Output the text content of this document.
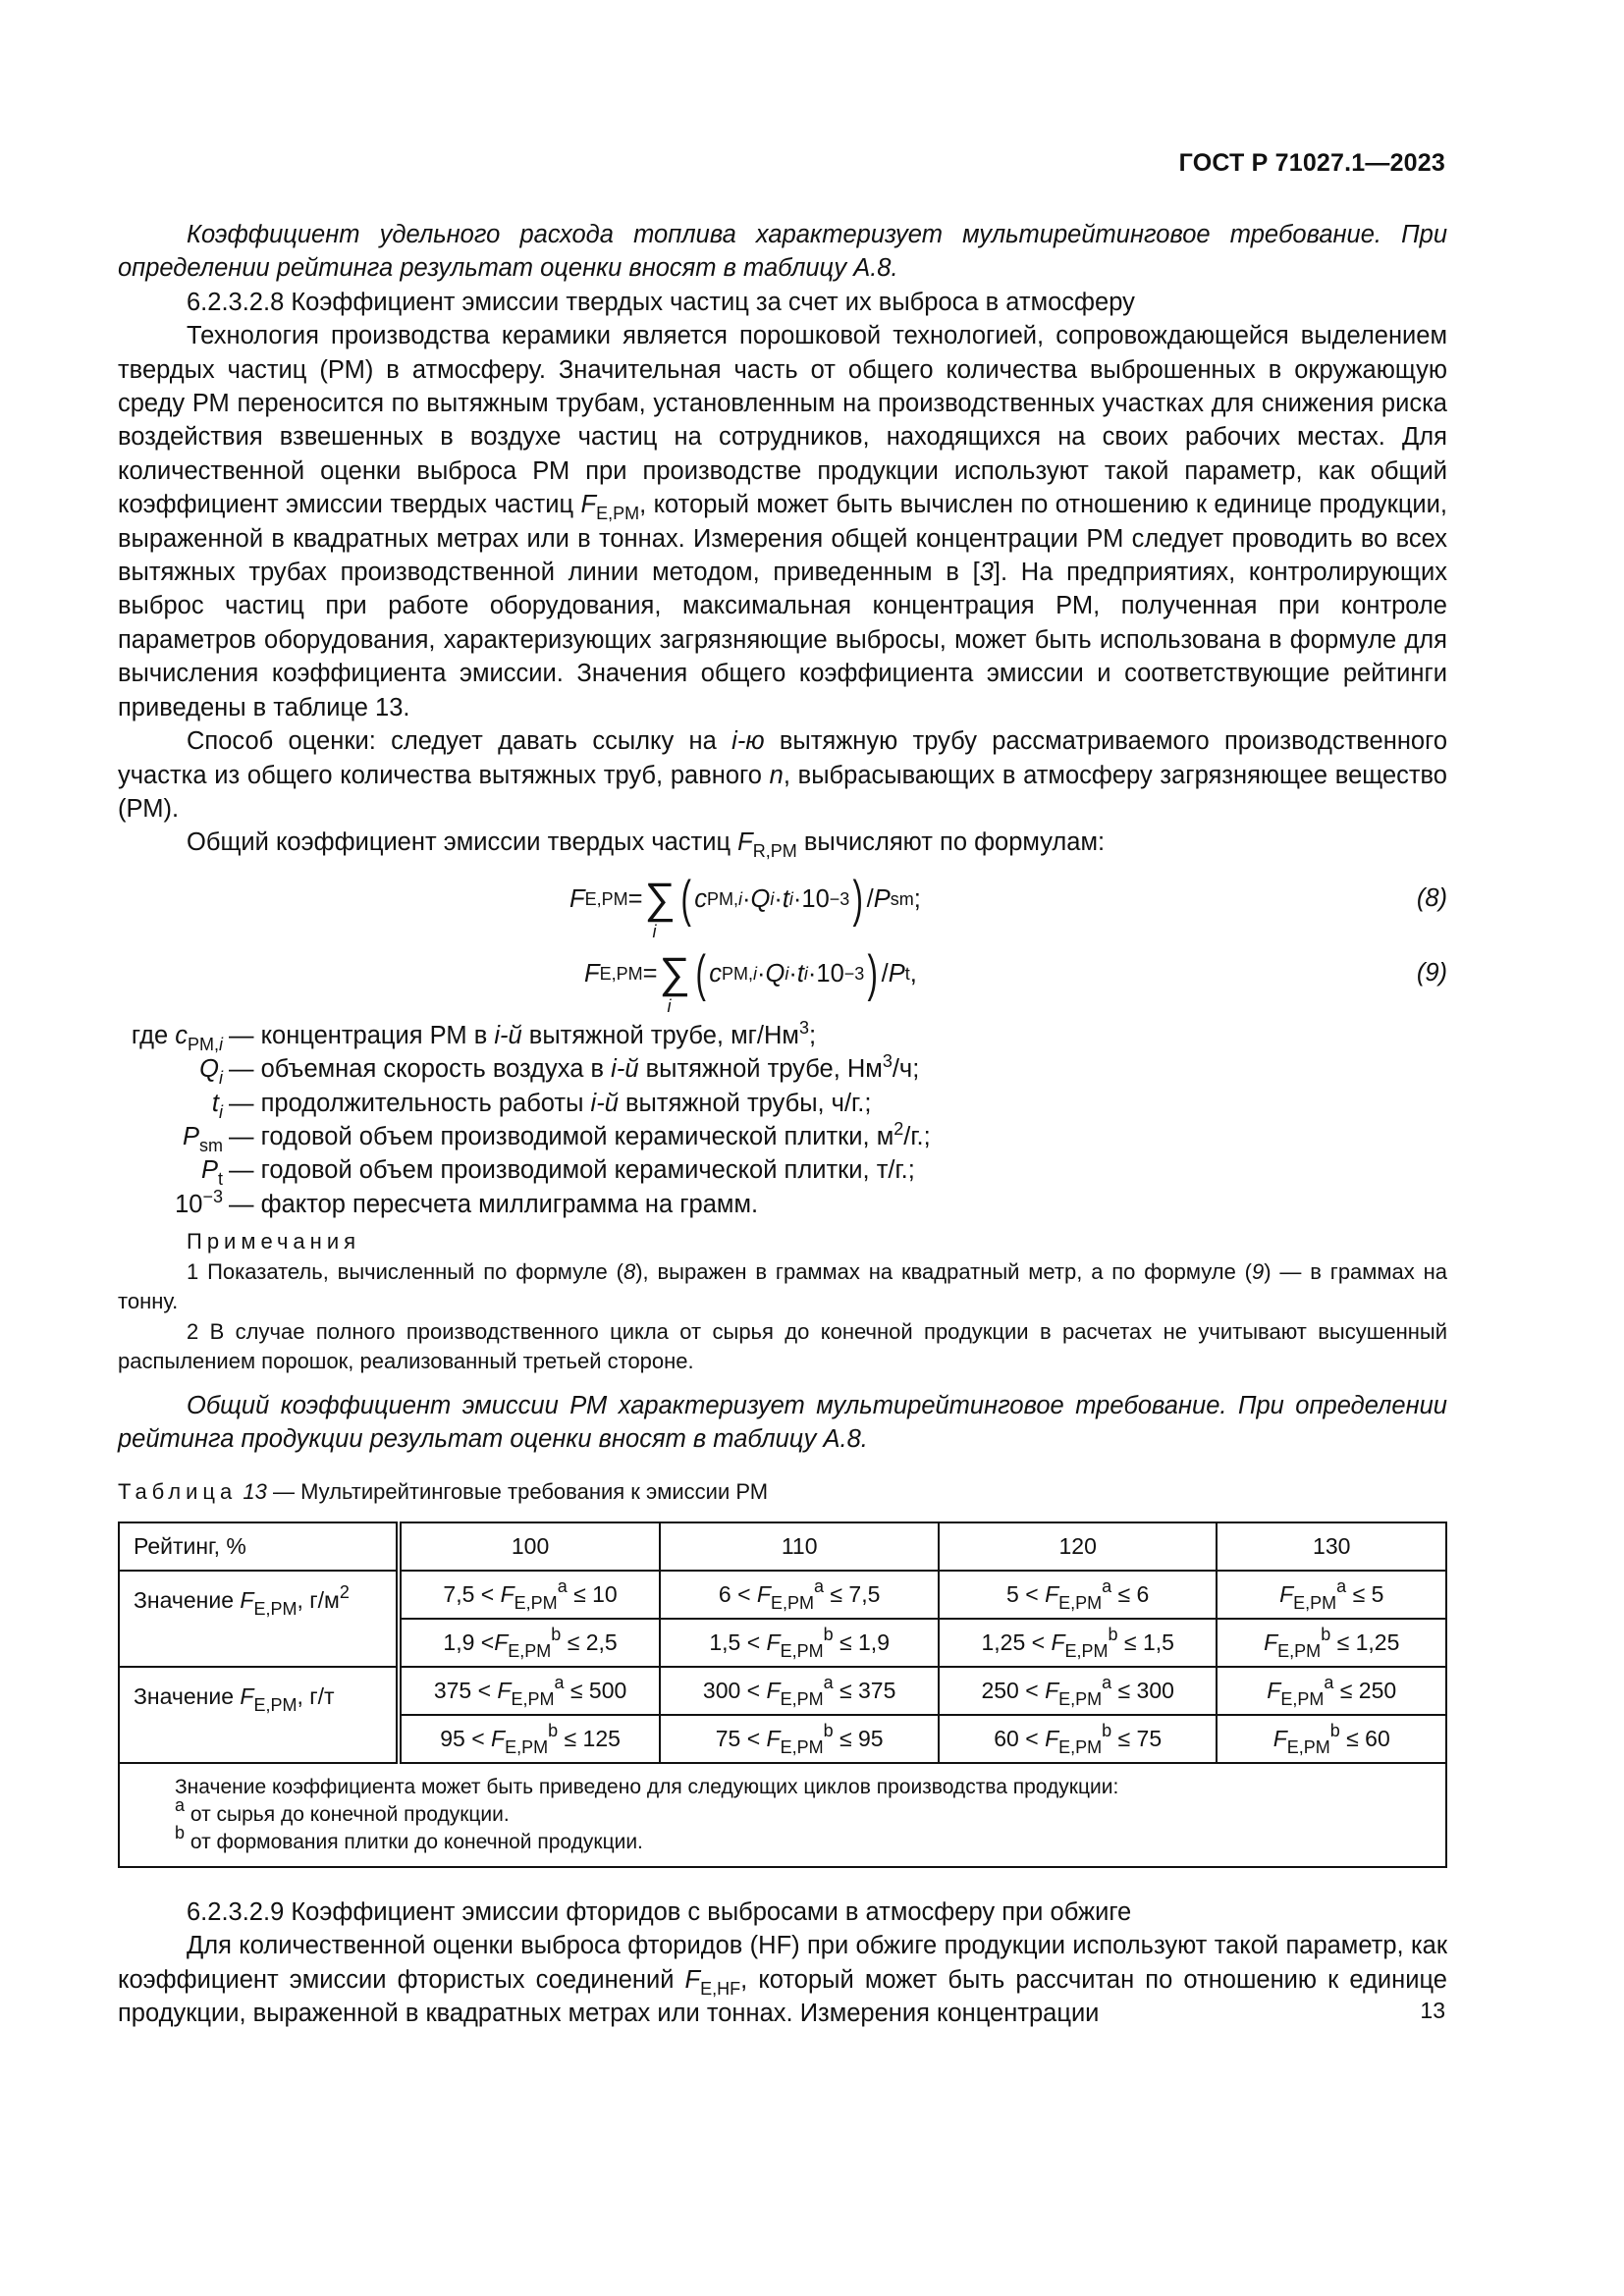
ГОСТ Р 71027.1—2023

Коэффициент удельного расхода топлива характеризует мультирейтинговое требование. При определении рейтинга результат оценки вносят в таблицу А.8.

6.2.3.2.8 Коэффициент эмиссии твердых частиц за счет их выброса в атмосферу

Технология производства керамики является порошковой технологией, сопровождающейся выделением твердых частиц (РМ) в атмосферу. Значительная часть от общего количества выброшенных в окружающую среду РМ переносится по вытяжным трубам, установленным на производственных участках для снижения риска воздействия взвешенных в воздухе частиц на сотрудников, находящихся на своих рабочих местах. Для количественной оценки выброса РМ при производстве продукции используют такой параметр, как общий коэффициент эмиссии твердых частиц $F_{E,PM}$, который может быть вычислен по отношению к единице продукции, выраженной в квадратных метрах или в тоннах. Измерения общей концентрации РМ следует проводить во всех вытяжных трубах производственной линии методом, приведенным в [3]. На предприятиях, контролирующих выброс частиц при работе оборудования, максимальная концентрация РМ, полученная при контроле параметров оборудования, характеризующих загрязняющие выбросы, может быть использована в формуле для вычисления коэффициента эмиссии. Значения общего коэффициента эмиссии и соответствующие рейтинги приведены в таблице 13.

Способ оценки: следует давать ссылку на i-ю вытяжную трубу рассматриваемого производственного участка из общего количества вытяжных труб, равного n, выбрасывающих в атмосферу загрязняющее вещество (РМ).

Общий коэффициент эмиссии твердых частиц $F_{R,PM}$ вычисляют по формулам:

F E,PM = ∑
i
( c PM,i · Q i · t i · 10 −3 ) / P sm ;	(8)
F E,PM = ∑
i
( c PM,i · Q i · t i · 10 −3 ) / P t ,	(9)
где $c_{PM,i}$ — концентрация РМ в i-й вытяжной трубе, $мг/Нм^3$;
$Q_i$ — объемная скорость воздуха в i-й вытяжной трубе, $Нм^3/ч$;
$t_i$ — продолжительность работы i-й вытяжной трубы, ч/г.;
$P_{sm}$ — годовой объем производимой керамической плитки, $м^2/г$.;
$P_t$ — годовой объем производимой керамической плитки, т/г.;
$10^{-3}$ — фактор пересчета миллиграмма на грамм.

Примечания

1 Показатель, вычисленный по формуле (8), выражен в граммах на квадратный метр, а по формуле (9) — в граммах на тонну.

2 В случае полного производственного цикла от сырья до конечной продукции в расчетах не учитывают высушенный распылением порошок, реализованный третьей стороне.

Общий коэффициент эмиссии РМ характеризует мультирейтинговое требование. При определении рейтинга продукции результат оценки вносят в таблицу А.8.

Таблица 13 — Мультирейтинговые требования к эмиссии РМ
Рейтинг, %	100	110	120	130
Значение $F_{E,PM}$, $г/м^2$	$7,5 < F_{E,PM}^a \le 10$	$6 < F_{E,PM}^a \le 7,5$	$5 < F_{E,PM}^a \le 6$	$F_{E,PM}^a \le 5$
	$1,9 <F_{E,PM}^b \le 2,5$	$1,5 < F_{E,PM}^b \le 1,9$	$1,25 < F_{E,PM}^b \le 1,5$	$F_{E,PM}^b \le 1,25$
Значение $F_{E,PM}$, г/т	$375 < F_{E,PM}^a \le 500$	$300 < F_{E,PM}^a \le 375$	$250 < F_{E,PM}^a \le 300$	$F_{E,PM}^a \le 250$
	$95 < F_{E,PM}^b \le 125$	$75 < F_{E,PM}^b \le 95$	$60 < F_{E,PM}^b \le 75$	$F_{E,PM}^b \le 60$

Значение коэффициента может быть приведено для следующих циклов производства продукции:
$^a$ от сырья до конечной продукции.
$^b$ от формования плитки до конечной продукции.				

6.2.3.2.9 Коэффициент эмиссии фторидов с выбросами в атмосферу при обжиге

Для количественной оценки выброса фторидов (HF) при обжиге продукции используют такой параметр, как коэффициент эмиссии фтористых соединений $F_{E,HF}$, который может быть рассчитан по отношению к единице продукции, выраженной в квадратных метрах или тоннах. Измерения концентрации	13
